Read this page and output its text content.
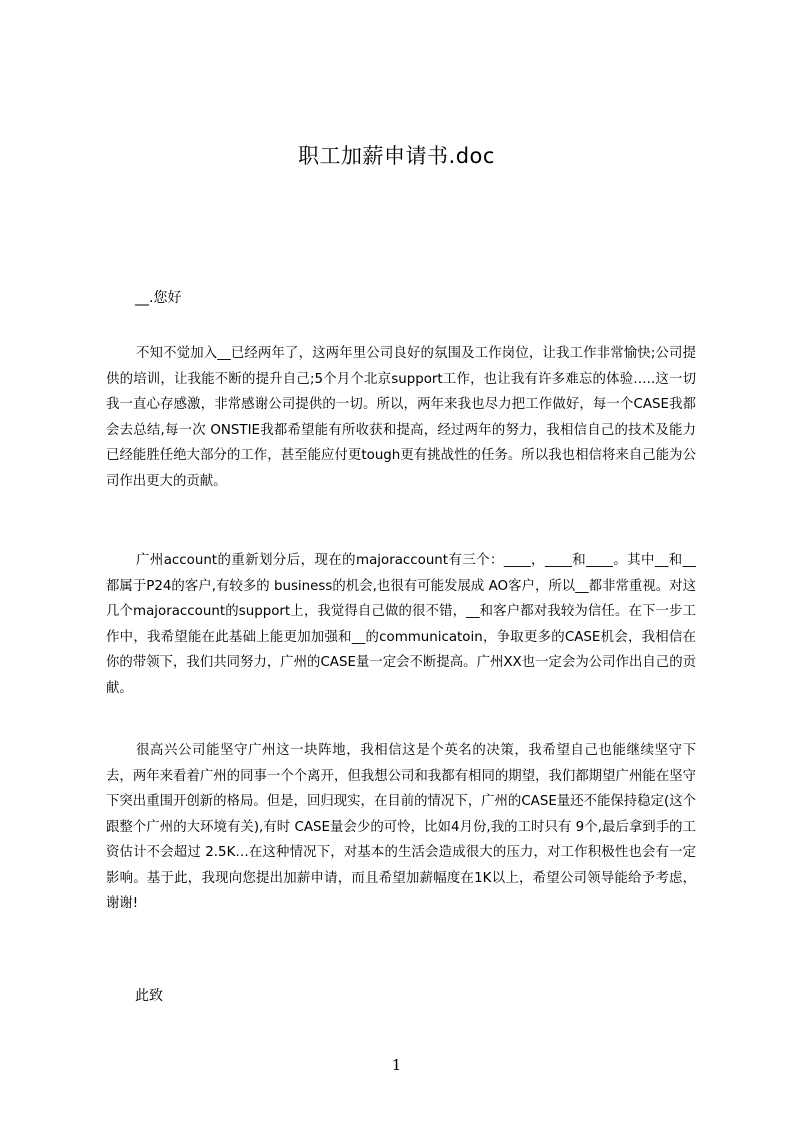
职工加薪申请书.doc
__.您好

不知不觉加入__已经两年了，这两年里公司良好的氛围及工作岗位，让我工作非常愉快;公司提供的培训，让我能不断的提升自己;5个月个北京support工作，也让我有许多难忘的体验…..这一切我一直心存感激，非常感谢公司提供的一切。所以，两年来我也尽力把工作做好，每一个CASE我都会去总结,每一次 ONSTIE我都希望能有所收获和提高，经过两年的努力，我相信自己的技术及能力已经能胜任绝大部分的工作，甚至能应付更tough更有挑战性的任务。所以我也相信将来自己能为公司作出更大的贡献。

广州account的重新划分后，现在的majoraccount有三个：____，____和____。其中__和__都属于P24的客户,有较多的 business的机会,也很有可能发展成 AO客户，所以__都非常重视。对这几个majoraccount的support上，我觉得自己做的很不错，__和客户都对我较为信任。在下一步工作中，我希望能在此基础上能更加加强和__的communicatoin，争取更多的CASE机会，我相信在你的带领下，我们共同努力，广州的CASE量一定会不断提高。广州XX也一定会为公司作出自己的贡献。

很高兴公司能坚守广州这一块阵地，我相信这是个英名的决策，我希望自己也能继续坚守下去，两年来看着广州的同事一个个离开，但我想公司和我都有相同的期望，我们都期望广州能在坚守下突出重围开创新的格局。但是，回归现实，在目前的情况下，广州的CASE量还不能保持稳定(这个跟整个广州的大环境有关),有时 CASE量会少的可怜，比如4月份,我的工时只有 9个,最后拿到手的工资估计不会超过 2.5K…在这种情况下，对基本的生活会造成很大的压力，对工作积极性也会有一定影响。基于此，我现向您提出加薪申请，而且希望加薪幅度在1K以上，希望公司领导能给予考虑，谢谢!

此致
1
